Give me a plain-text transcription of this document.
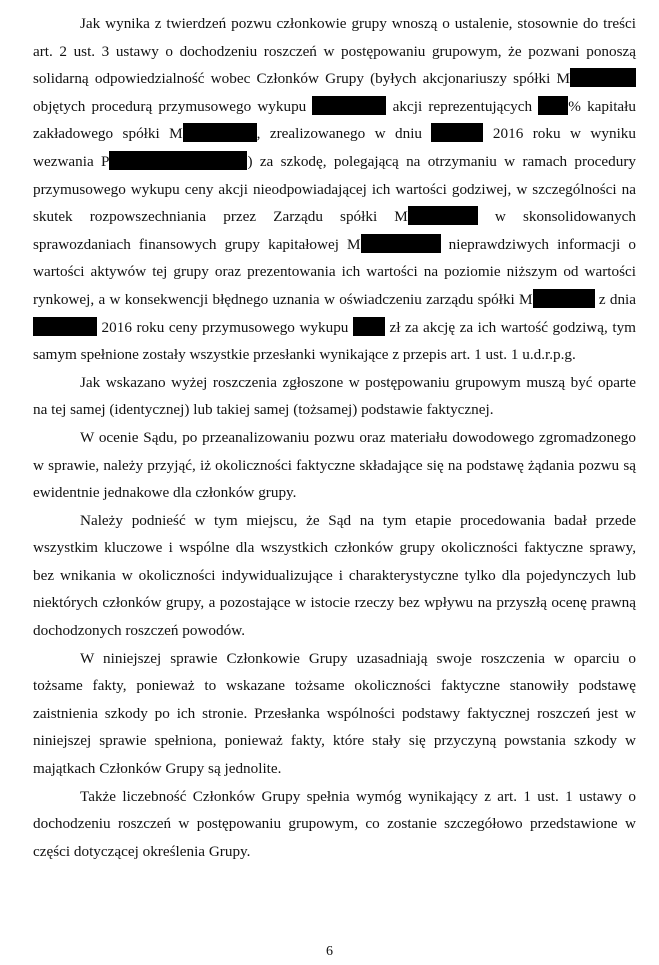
Jak wynika z twierdzeń pozwu członkowie grupy wnoszą o ustalenie, stosownie do treści art. 2 ust. 3 ustawy o dochodzeniu roszczeń w postępowaniu grupowym, że pozwani ponoszą solidarną odpowiedzialność wobec Członków Grupy (byłych akcjonariuszy spółki M objętych procedurą przymusowego wykupu	akcji reprezentujących % kapitału zakładowego spółki M	, zrealizowanego w dniu	2016 roku w wyniku wezwania P	) za szkodę, polegającą na otrzymaniu w ramach procedury przymusowego wykupu ceny akcji nieodpowiadającej ich wartości godziwej, w szczególności na skutek rozpowszechniania przez Zarządu spółki M	w skonsolidowanych sprawozdaniach finansowych grupy kapitałowej M	nieprawdziwych informacji o wartości aktywów tej grupy oraz prezentowania ich wartości na poziomie niższym od wartości rynkowej, a w konsekwencji błędnego uznania w oświadczeniu zarządu spółki M	z dnia  2016 roku ceny przymusowego wykupu  zł za akcję za ich wartość godziwą, tym samym spełnione zostały wszystkie przesłanki wynikające z przepis art. 1 ust. 1 u.d.r.p.g.

Jak wskazano wyżej roszczenia zgłoszone w postępowaniu grupowym muszą być oparte na tej samej (identycznej) lub takiej samej (tożsamej) podstawie faktycznej.

W ocenie Sądu, po przeanalizowaniu pozwu oraz materiału dowodowego zgromadzonego w sprawie, należy przyjąć, iż okoliczności faktyczne składające się na podstawę żądania pozwu są ewidentnie jednakowe dla członków grupy.

Należy podnieść w tym miejscu, że Sąd na tym etapie procedowania badał przede wszystkim kluczowe i wspólne dla wszystkich członków grupy okoliczności faktyczne sprawy, bez wnikania w okoliczności indywidualizujące i charakterystyczne tylko dla pojedynczych lub niektórych członków grupy, a pozostające w istocie rzeczy bez wpływu na przyszłą ocenę prawną dochodzonych roszczeń powodów.

W niniejszej sprawie Członkowie Grupy uzasadniają swoje roszczenia w oparciu o tożsame fakty, ponieważ to wskazane tożsame okoliczności faktyczne stanowiły podstawę zaistnienia szkody po ich stronie. Przesłanka wspólności podstawy faktycznej roszczeń jest w niniejszej sprawie spełniona, ponieważ fakty, które stały się przyczyną powstania szkody w majątkach Członków Grupy są jednolite.

Także liczebność Członków Grupy spełnia wymóg wynikający z art. 1 ust. 1 ustawy o dochodzeniu roszczeń w postępowaniu grupowym, co zostanie szczegółowo przedstawione w części dotyczącej określenia Grupy.

6
